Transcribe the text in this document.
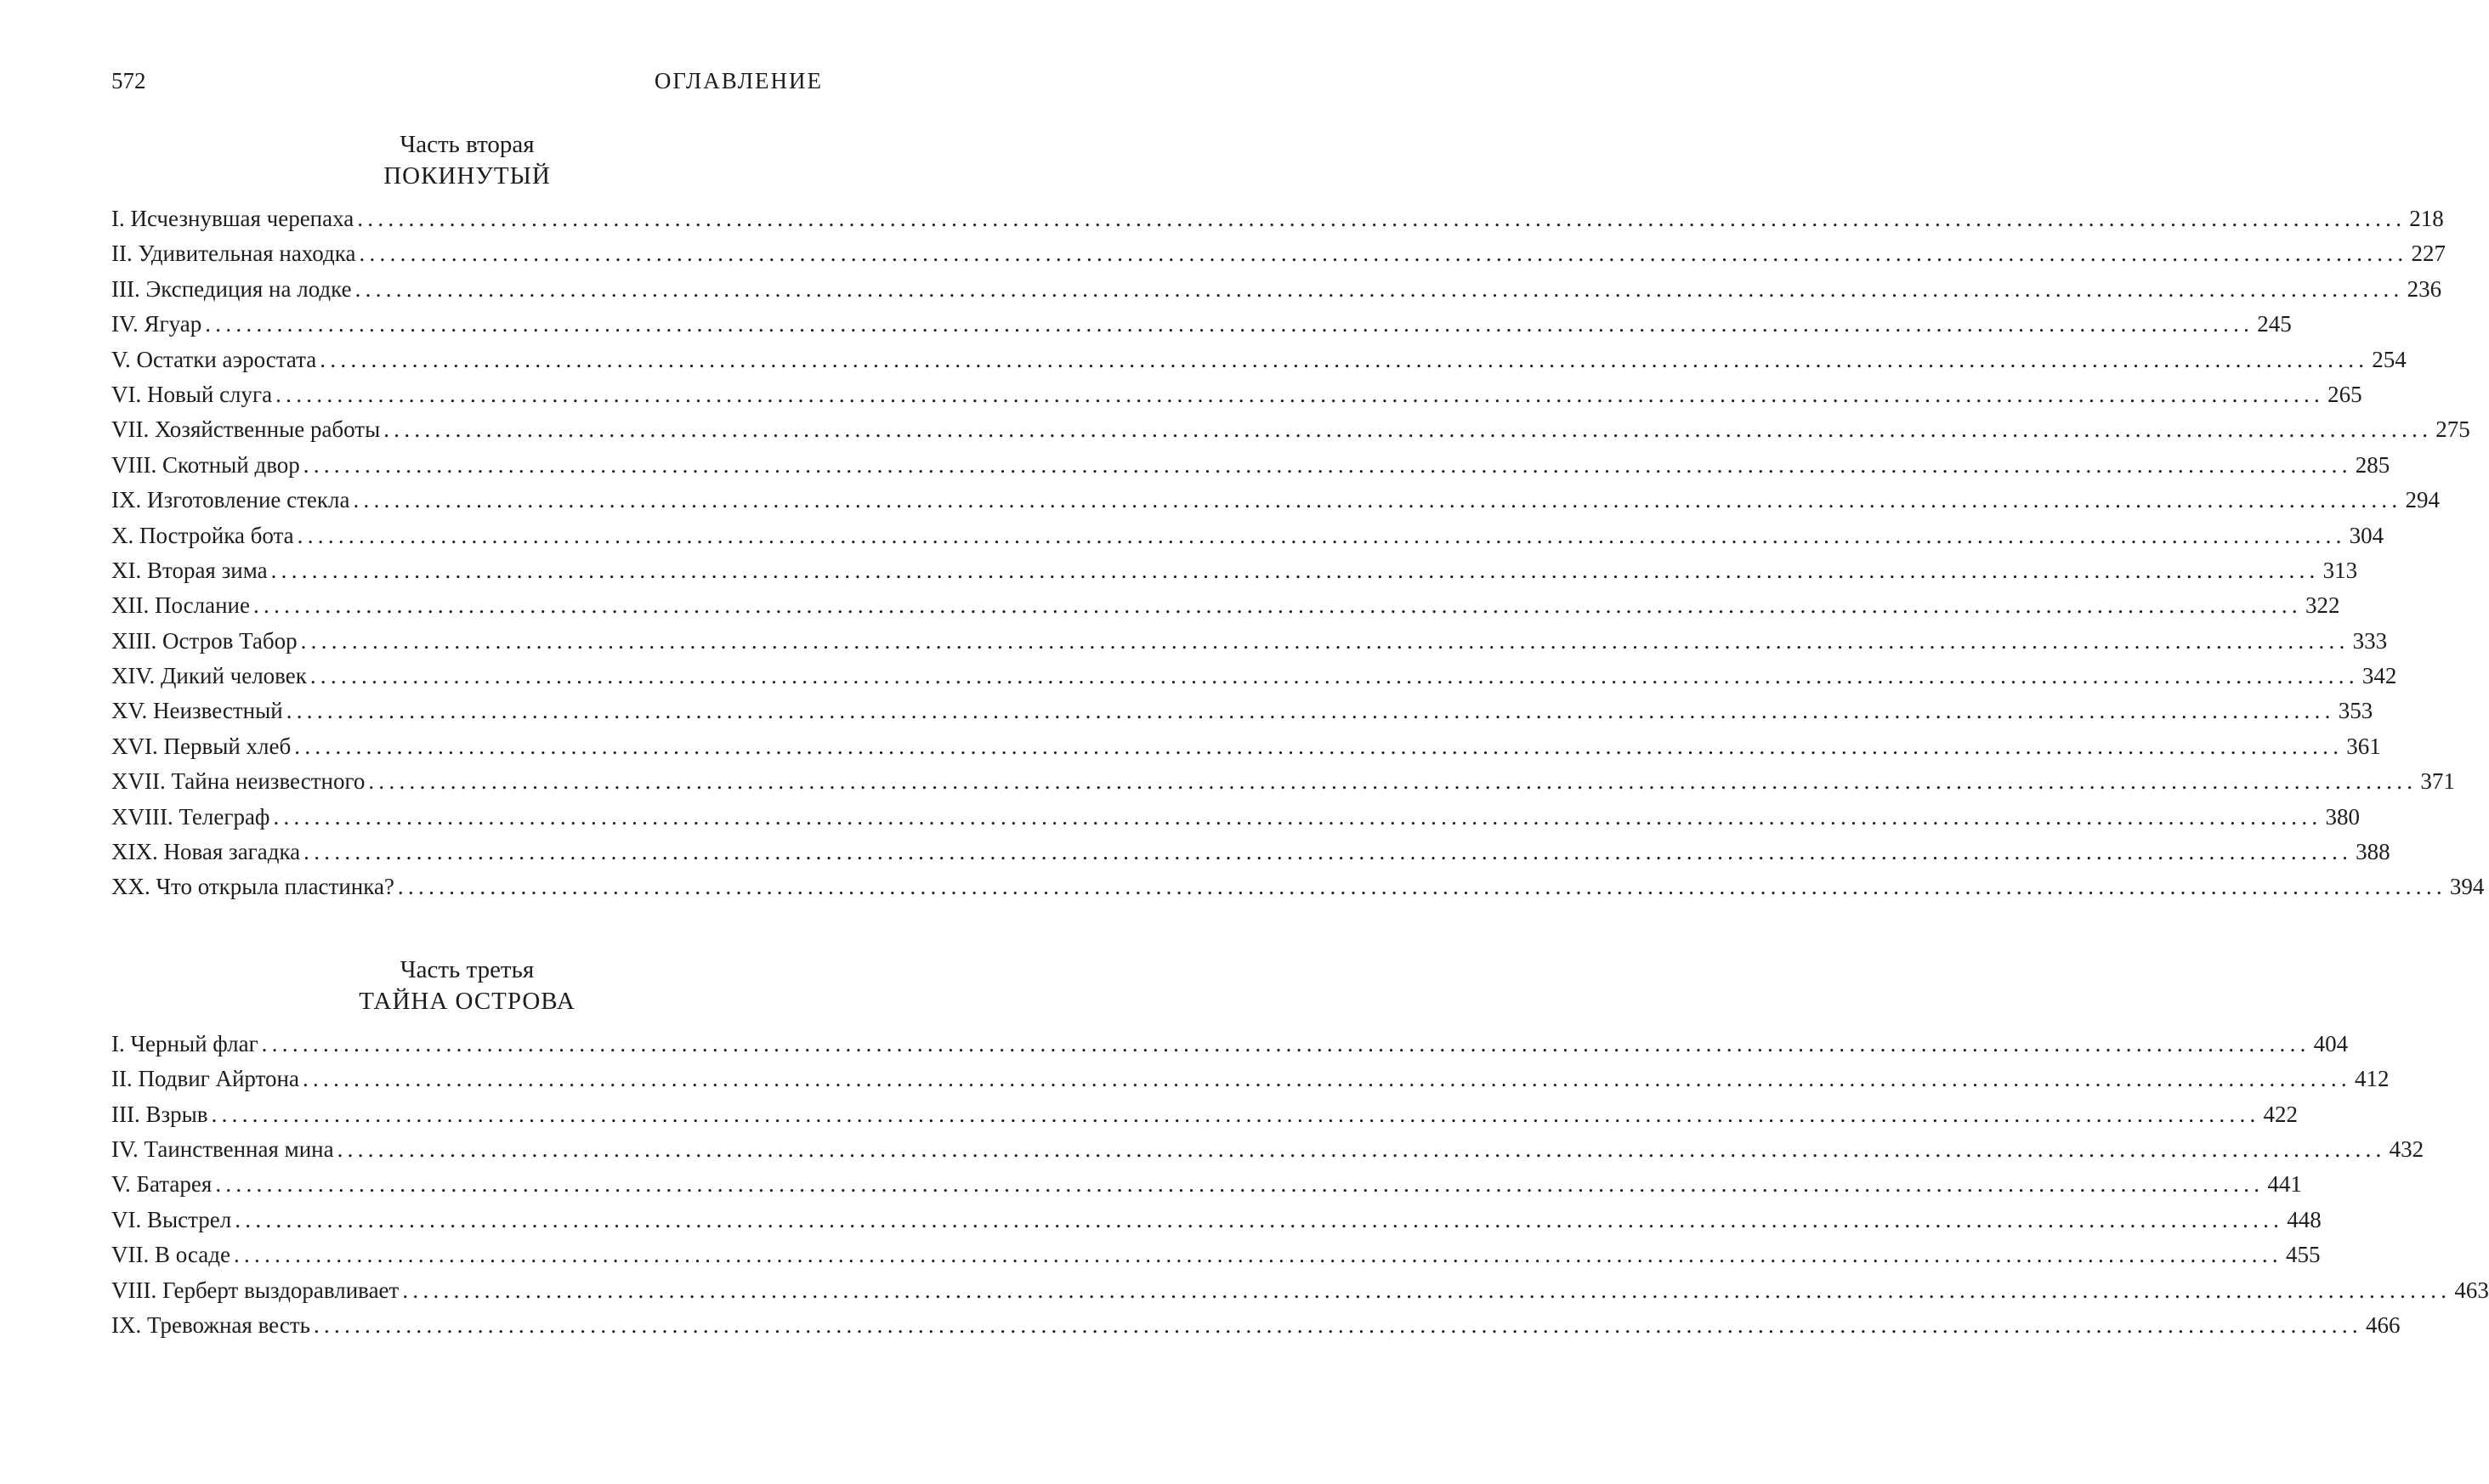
572	ОГЛАВЛЕНИЕ
Часть вторая
ПОКИНУТЫЙ
I. Исчезнувшая черепаха ........................................................................................................................................................................................................ 218
II. Удивительная находка ........................................................................................................................................................................................................ 227
III. Экспедиция на лодке ........................................................................................................................................................................................................ 236
IV. Ягуар ........................................................................................................................................................................................................ 245
V. Остатки аэростата ........................................................................................................................................................................................................ 254
VI. Новый слуга ........................................................................................................................................................................................................ 265
VII. Хозяйственные работы ........................................................................................................................................................................................................ 275
VIII. Скотный двор ........................................................................................................................................................................................................ 285
IX. Изготовление стекла ........................................................................................................................................................................................................ 294
X. Постройка бота ........................................................................................................................................................................................................ 304
XI. Вторая зима ........................................................................................................................................................................................................ 313
XII. Послание ........................................................................................................................................................................................................ 322
XIII. Остров Табор ........................................................................................................................................................................................................ 333
XIV. Дикий человек ........................................................................................................................................................................................................ 342
XV. Неизвестный ........................................................................................................................................................................................................ 353
XVI. Первый хлеб ........................................................................................................................................................................................................ 361
XVII. Тайна неизвестного ........................................................................................................................................................................................................ 371
XVIII. Телеграф ........................................................................................................................................................................................................ 380
XIX. Новая загадка ........................................................................................................................................................................................................ 388
XX. Что открыла пластинка? ........................................................................................................................................................................................................ 394
Часть третья
ТАЙНА ОСТРОВА
I. Черный флаг ........................................................................................................................................................................................................ 404
II. Подвиг Айртона ........................................................................................................................................................................................................ 412
III. Взрыв ........................................................................................................................................................................................................ 422
IV. Таинственная мина ........................................................................................................................................................................................................ 432
V. Батарея ........................................................................................................................................................................................................ 441
VI. Выстрел ........................................................................................................................................................................................................ 448
VII. В осаде ........................................................................................................................................................................................................ 455
VIII. Герберт выздоравливает ........................................................................................................................................................................................................ 463
IX. Тревожная весть ........................................................................................................................................................................................................ 466
